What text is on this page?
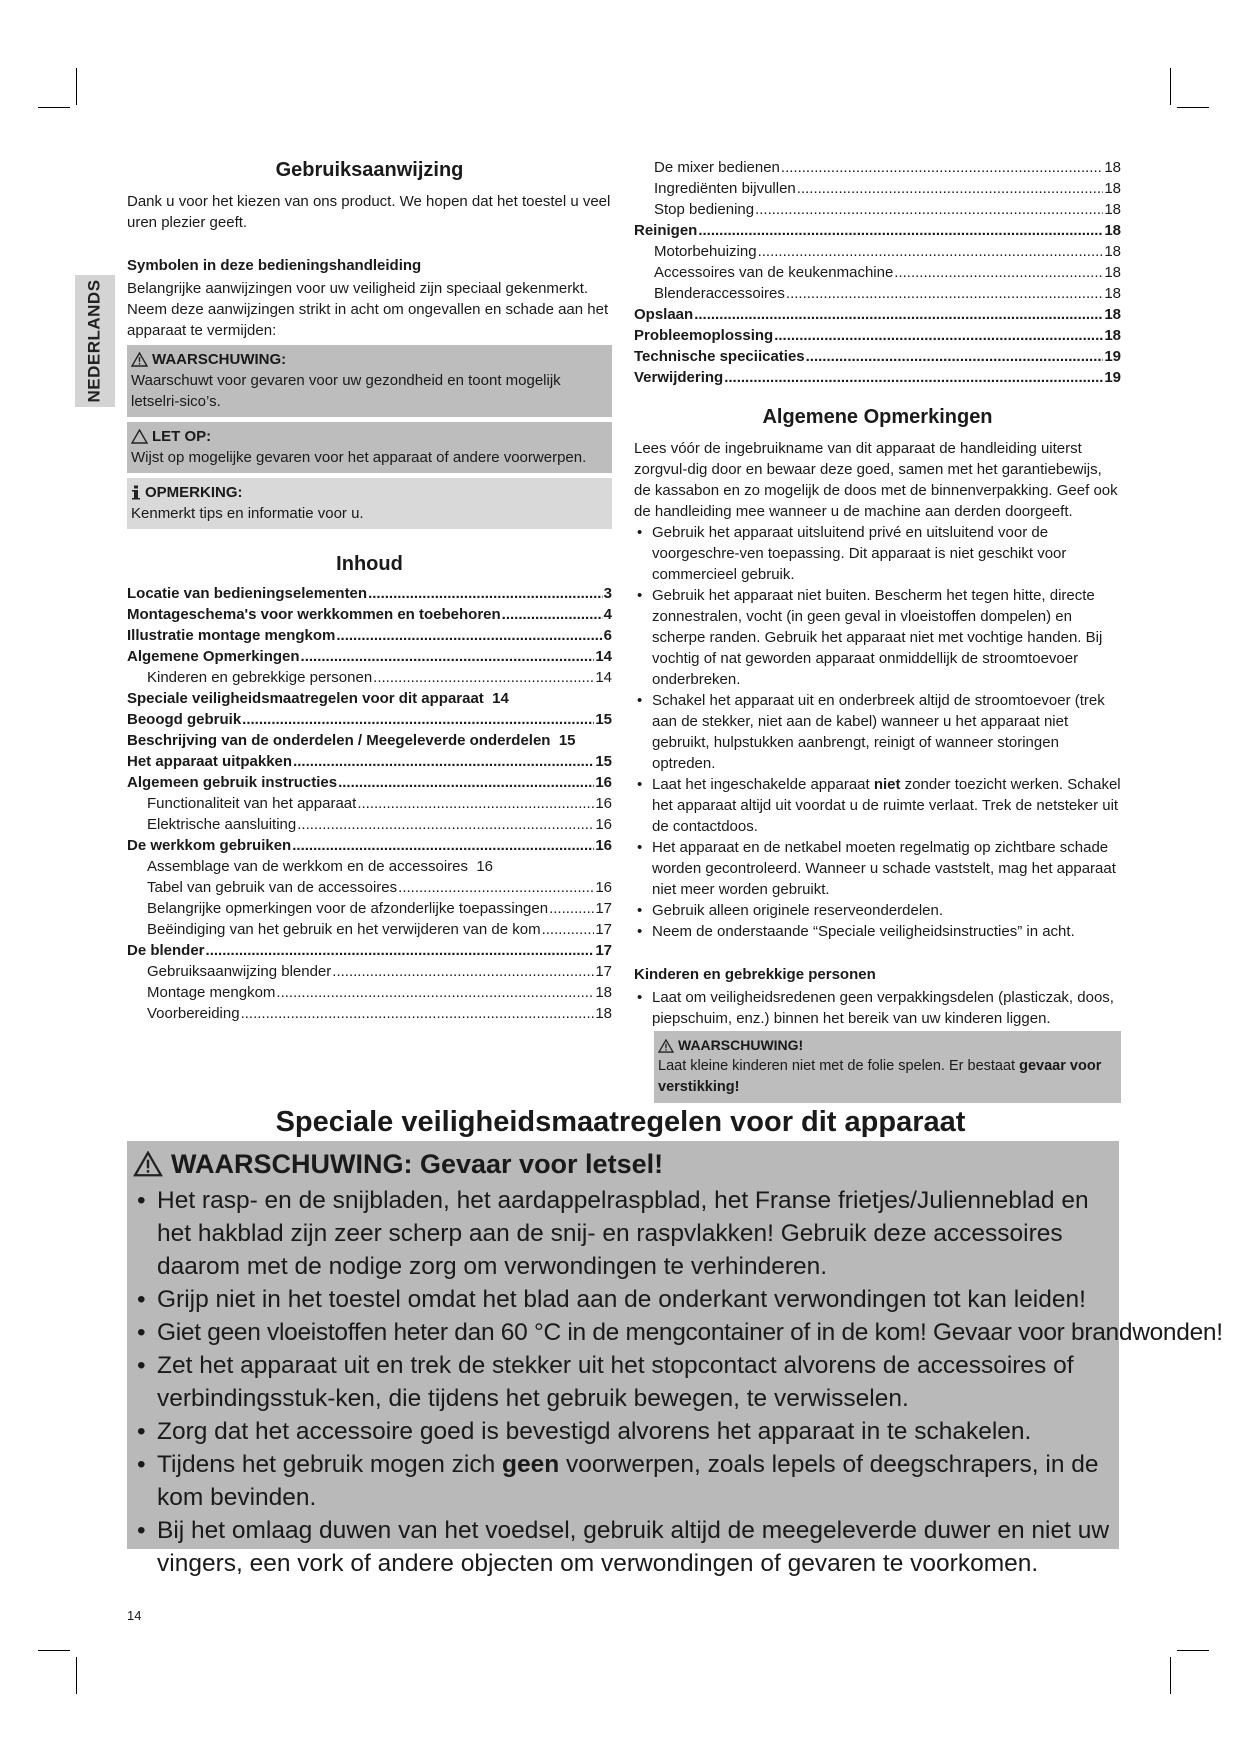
NEDERLANDS
Gebruiksaanwijzing

Dank u voor het kiezen van ons product. We hopen dat het toestel u veel uren plezier geeft.

Symbolen in deze bedieningshandleiding

Belangrijke aanwijzingen voor uw veiligheid zijn speciaal gekenmerkt. Neem deze aanwijzingen strikt in acht om ongevallen en schade aan het apparaat te vermijden:

WAARSCHUWING:

Waarschuwt voor gevaren voor uw gezondheid en toont mogelijk letselri-sico’s.

LET OP:

Wijst op mogelijke gevaren voor het apparaat of andere voorwerpen.

OPMERKING:

Kenmerkt tips en informatie voor u.

Inhoud
Locatie van bedieningselementen .....	3
Montageschema's voor werkkommen en toebehoren .....	4
Illustratie montage mengkom .....	6
Algemene Opmerkingen .....	14
Kinderen en gebrekkige personen .....	14
Speciale veiligheidsmaatregelen voor dit apparaat 14
Beoogd gebruik .....	15
Beschrijving van de onderdelen / Meegeleverde onderdelen 15
Het apparaat uitpakken .....	15
Algemeen gebruik instructies .....	16
Functionaliteit van het apparaat .....	16
Elektrische aansluiting .....	16
De werkkom gebruiken .....	16
Assemblage van de werkkom en de accessoires 16
Tabel van gebruik van de accessoires .....	16
Belangrijke opmerkingen voor de afzonderlijke toepassingen .....	17
Beëindiging van het gebruik en het verwijderen van de kom .....	17
De blender .....	17
Gebruiksaanwijzing blender .....	17
Montage mengkom .....	18
Voorbereiding .....	18
De mixer bedienen .....	18
Ingrediënten bijvullen .....	18
Stop bediening .....	18
Reinigen .....	18
Motorbehuizing .....	18
Accessoires van de keukenmachine .....	18
Blenderaccessoires .....	18
Opslaan .....	18
Probleemoplossing .....	18
Technische speciicaties .....	19
Verwijdering .....	19
Algemene Opmerkingen

Lees vóór de ingebruikname van dit apparaat de handleiding uiterst zorgvul-dig door en bewaar deze goed, samen met het garantiebewijs, de kassabon en zo mogelijk de doos met de binnenverpakking. Geef ook de handleiding mee wanneer u de machine aan derden doorgeeft.

• Gebruik het apparaat uitsluitend privé en uitsluitend voor de voorgeschre-ven toepassing. Dit apparaat is niet geschikt voor commercieel gebruik.
• Gebruik het apparaat niet buiten. Bescherm het tegen hitte, directe zonnestralen, vocht (in geen geval in vloeistoffen dompelen) en scherpe randen. Gebruik het apparaat niet met vochtige handen. Bij vochtig of nat geworden apparaat onmiddellijk de stroomtoevoer onderbreken.
• Schakel het apparaat uit en onderbreek altijd de stroomtoevoer (trek aan de stekker, niet aan de kabel) wanneer u het apparaat niet gebruikt, hulpstukken aanbrengt, reinigt of wanneer storingen optreden.
• Laat het ingeschakelde apparaat niet zonder toezicht werken. Schakel het apparaat altijd uit voordat u de ruimte verlaat. Trek de netsteker uit de contactdoos.
• Het apparaat en de netkabel moeten regelmatig op zichtbare schade worden gecontroleerd. Wanneer u schade vaststelt, mag het apparaat niet meer worden gebruikt.
• Gebruik alleen originele reserveonderdelen.
• Neem de onderstaande “Speciale veiligheidsinstructies” in acht.

Kinderen en gebrekkige personen

• Laat om veiligheidsredenen geen verpakkingsdelen (plasticzak, doos, piepschuim, enz.) binnen het bereik van uw kinderen liggen.
WAARSCHUWING!

Laat kleine kinderen niet met de folie spelen. Er bestaat gevaar voor verstikking!

Speciale veiligheidsmaatregelen voor dit apparaat
WAARSCHUWING: Gevaar voor letsel!
• Het rasp- en de snijbladen, het aardappelraspblad, het Franse frietjes/Julienneblad en het hakblad zijn zeer scherp aan de snij- en raspvlakken! Gebruik deze accessoires daarom met de nodige zorg om verwondingen te verhinderen.
• Grijp niet in het toestel omdat het blad aan de onderkant verwondingen tot kan leiden!
• Giet geen vloeistoffen heter dan 60 °C in de mengcontainer of in de kom! Gevaar voor brandwonden!
• Zet het apparaat uit en trek de stekker uit het stopcontact alvorens de accessoires of verbindingsstuk-ken, die tijdens het gebruik bewegen, te verwisselen.
• Zorg dat het accessoire goed is bevestigd alvorens het apparaat in te schakelen.
• Tijdens het gebruik mogen zich geen voorwerpen, zoals lepels of deegschrapers, in de kom bevinden.
• Bij het omlaag duwen van het voedsel, gebruik altijd de meegeleverde duwer en niet uw vingers, een vork of andere objecten om verwondingen of gevaren te voorkomen.
14
